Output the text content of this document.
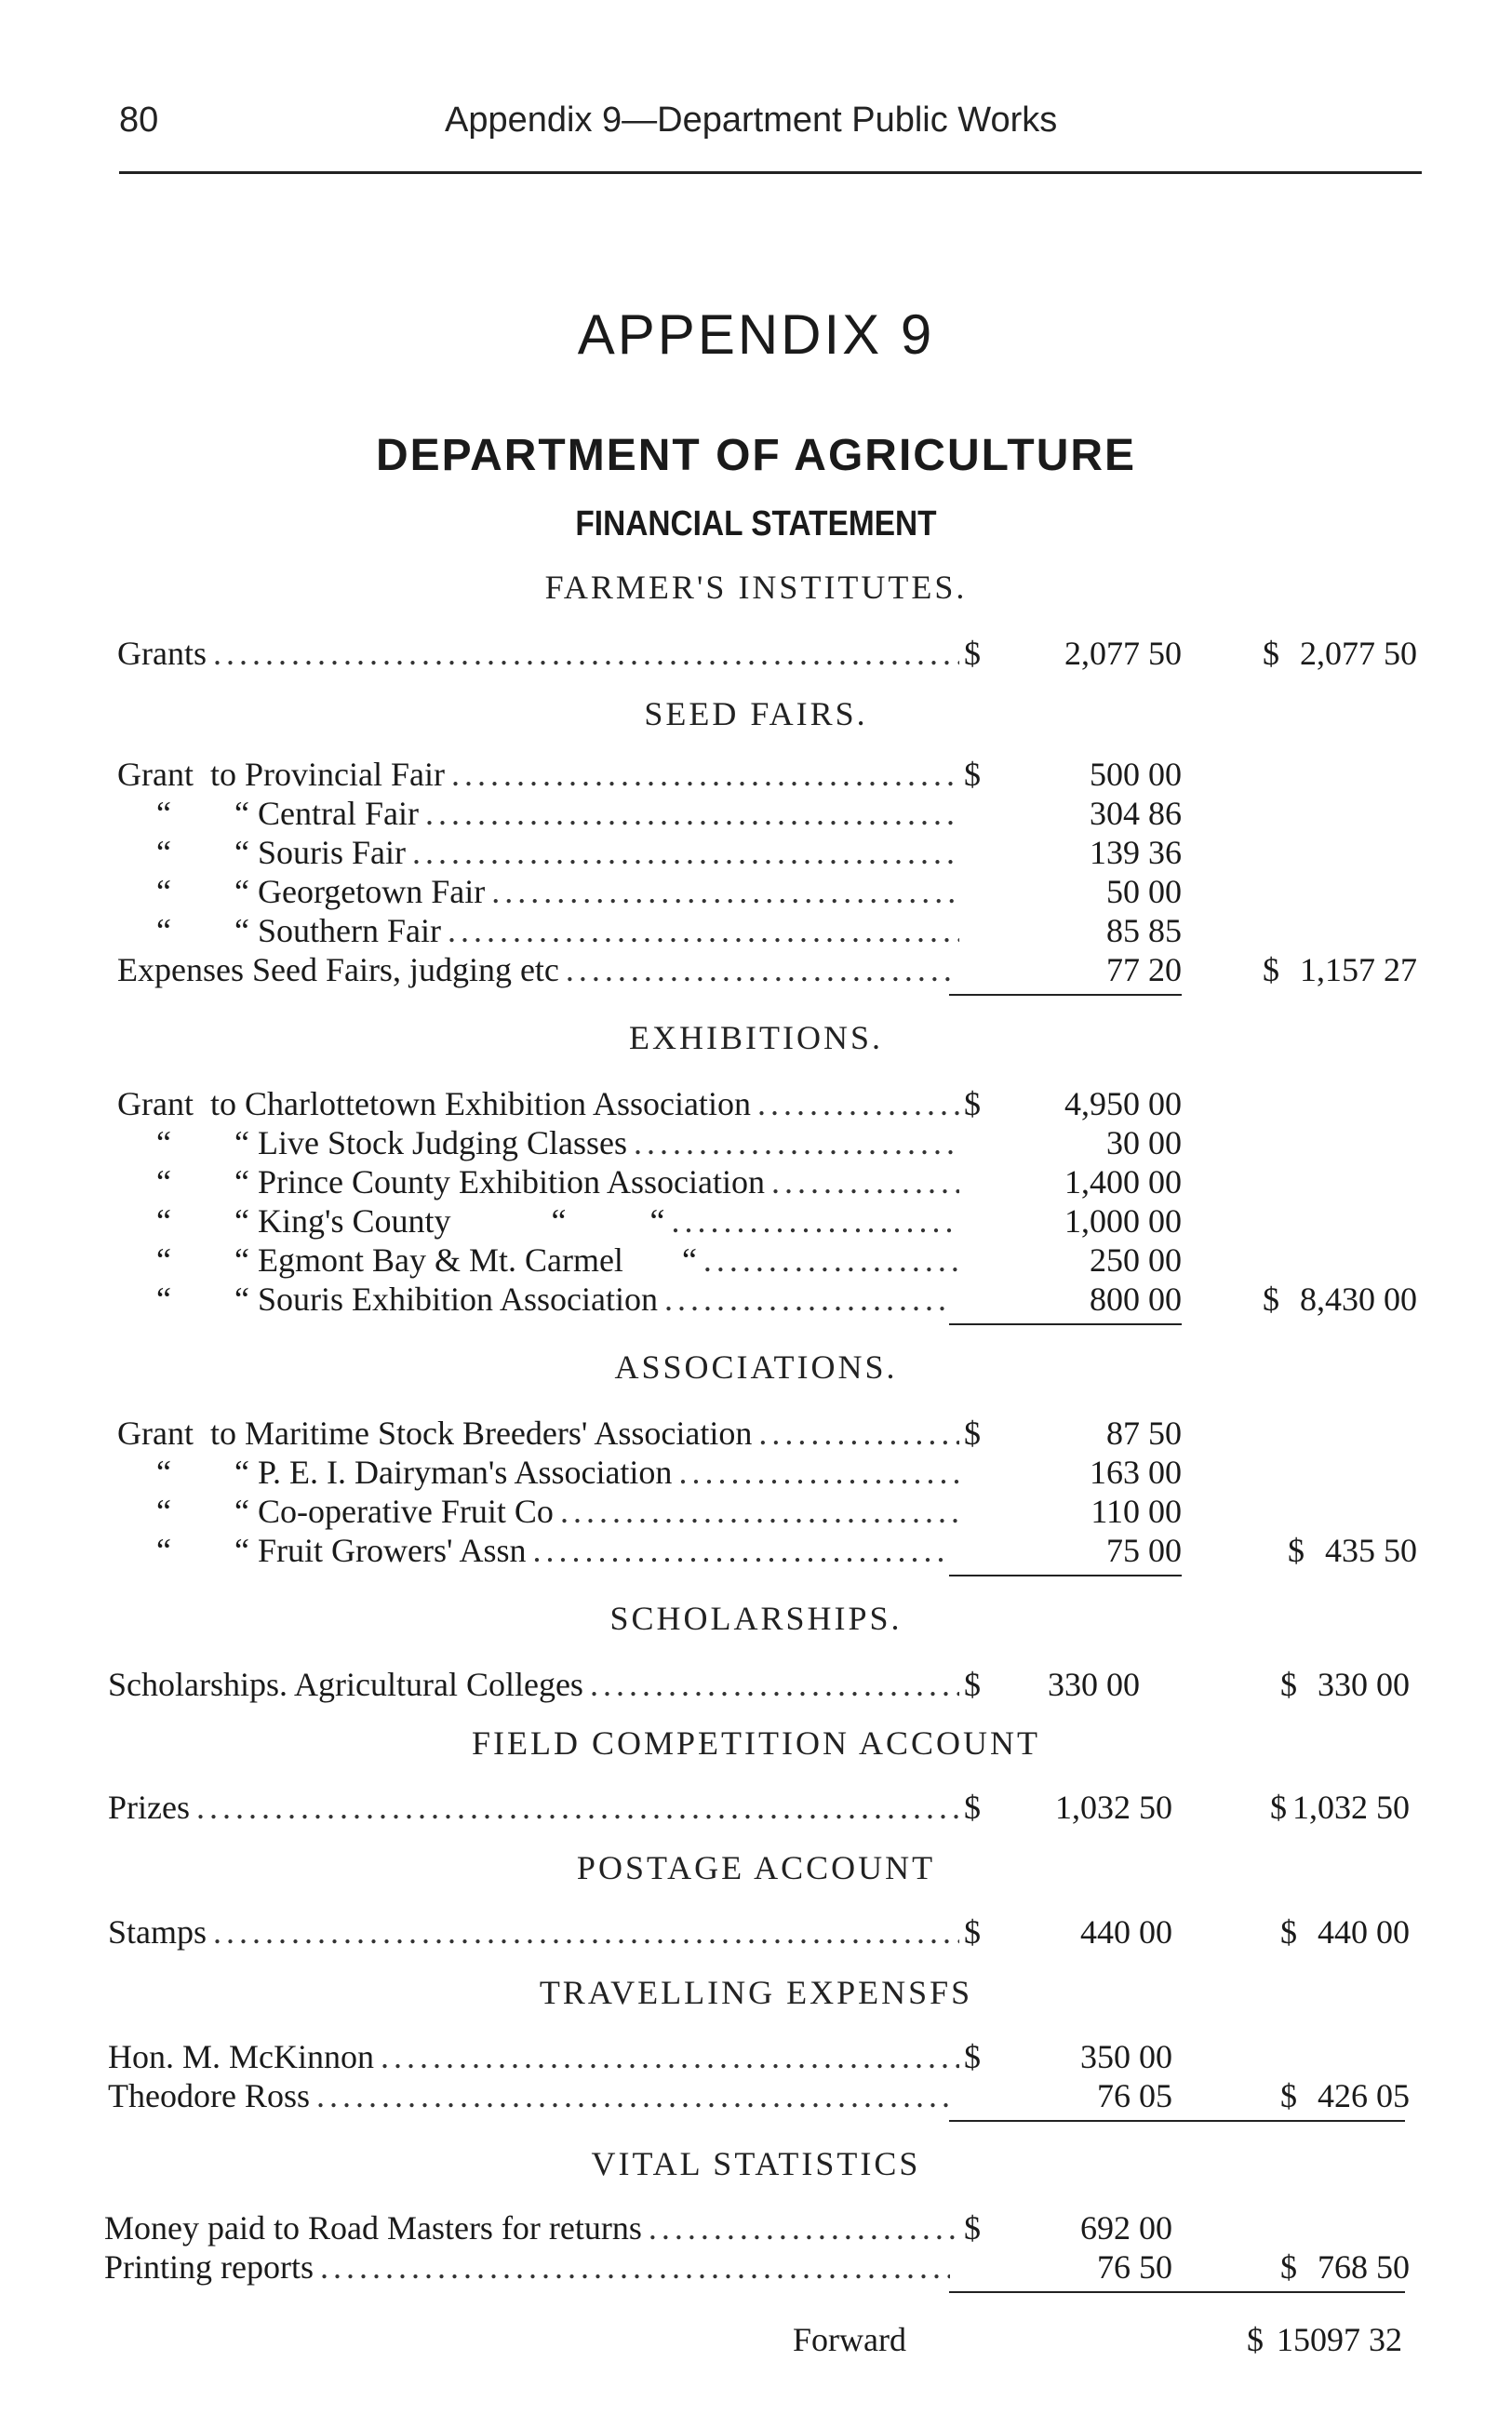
80	Appendix 9—Department Public Works
APPENDIX 9
DEPARTMENT OF AGRICULTURE
FINANCIAL STATEMENT
FARMER'S INSTITUTES.
Grants . . .	$	2,077 50 $ 2,077 50
SEED FAIRS.
Grant to Provincial Fair . . .	$	500 00
“ “ Central Fair . . .	304 86
“ “ Souris Fair . . .	139 36
“ “ Georgetown Fair . . .	50 00
“ “ Southern Fair . . .	85 85
Expenses Seed Fairs, judging etc . . .	77 20 $ 1,157 27
EXHIBITIONS.
Grant to Charlottetown Exhibition Association . . .	$	4,950 00
“ “ Live Stock Judging Classes . . .	30 00
“ “ Prince County Exhibition Association . . .	1,400 00
“ “ King's County            “          “ . . .	1,000 00
“ “ Egmont Bay & Mt. Carmel       “ . . .	250 00
“ “ Souris Exhibition Association . . .	800 00 $ 8,430 00
ASSOCIATIONS.
Grant to Maritime Stock Breeders' Association . . .	$	87 50
“ “ P. E. I. Dairyman's Association . . .	163 00
“ “ Co-operative Fruit Co . . .	110 00
“ “ Fruit Growers' Assn . . .	75 00	$ 435 50
SCHOLARSHIPS.
Scholarships. Agricultural Colleges . . .	$ 330 00	$ 330 00
FIELD COMPETITION ACCOUNT
Prizes . . .	$ 1,032 50	$ 1,032 50
POSTAGE ACCOUNT
Stamps . . .	$	440 00	$ 440 00
TRAVELLING EXPENSFS
Hon. M. McKinnon . . .	$	350 00
Theodore Ross . . .	76 05	$ 426 05
VITAL STATISTICS
Money paid to Road Masters for returns . . .	$	692 00
Printing reports . . .	76 50	$ 768 50
Forward	$ 15097 32
